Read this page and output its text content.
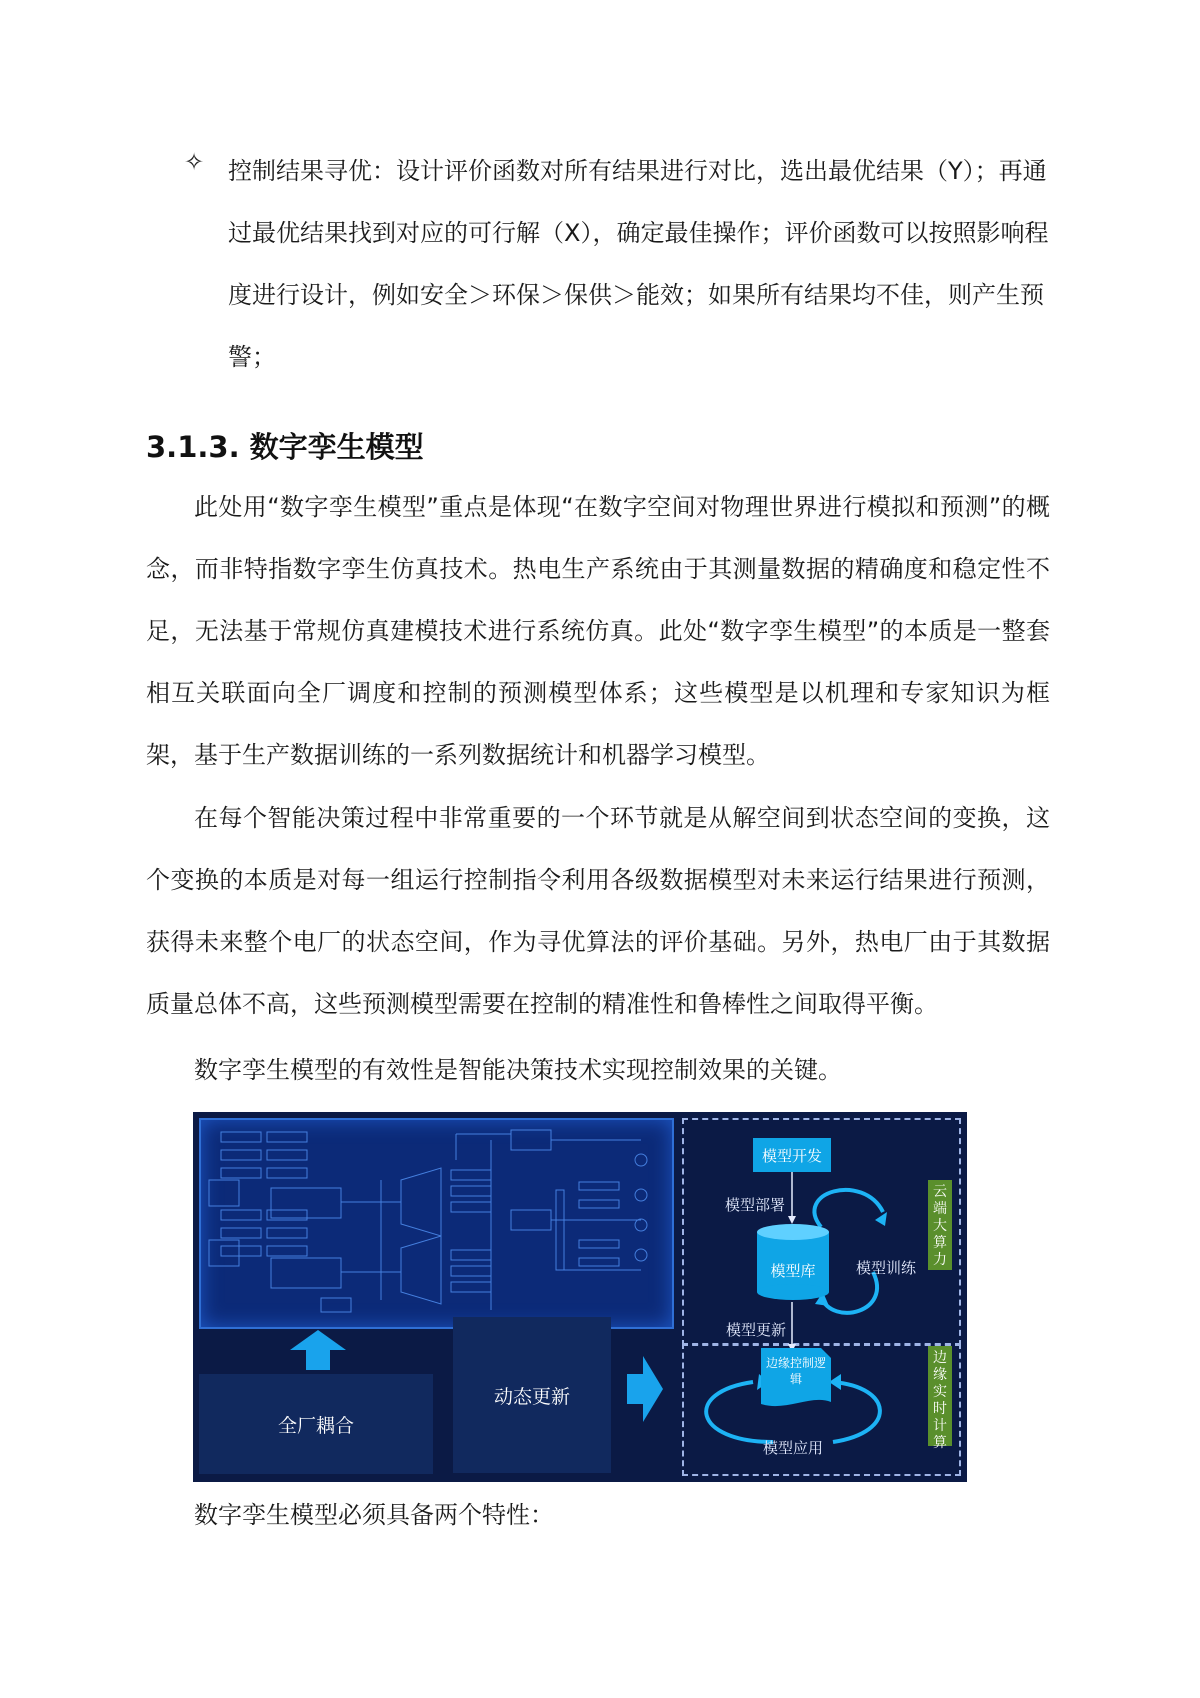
✧ 控制结果寻优：设计评价函数对所有结果进行对比，选出最优结果（Y）；再通过最优结果找到对应的可行解（X），确定最佳操作；评价函数可以按照影响程度进行设计，例如安全＞环保＞保供＞能效；如果所有结果均不佳，则产生预警；
3.1.3. 数字孪生模型
此处用“数字孪生模型”重点是体现“在数字空间对物理世界进行模拟和预测”的概念，而非特指数字孪生仿真技术。热电生产系统由于其测量数据的精确度和稳定性不足，无法基于常规仿真建模技术进行系统仿真。此处“数字孪生模型”的本质是一整套相互关联面向全厂调度和控制的预测模型体系；这些模型是以机理和专家知识为框架，基于生产数据训练的一系列数据统计和机器学习模型。
在每个智能决策过程中非常重要的一个环节就是从解空间到状态空间的变换，这个变换的本质是对每一组运行控制指令利用各级数据模型对未来运行结果进行预测，获得未来整个电厂的状态空间，作为寻优算法的评价基础。另外，热电厂由于其数据质量总体不高，这些预测模型需要在控制的精准性和鲁棒性之间取得平衡。
数字孪生模型的有效性是智能决策技术实现控制效果的关键。
全厂耦合
动态更新
模型开发
模型部署
模型库	模型训练
模型更新
边缘控制逻辑
模型应用
云端大算力
边缘实时计算
数字孪生模型必须具备两个特性：
